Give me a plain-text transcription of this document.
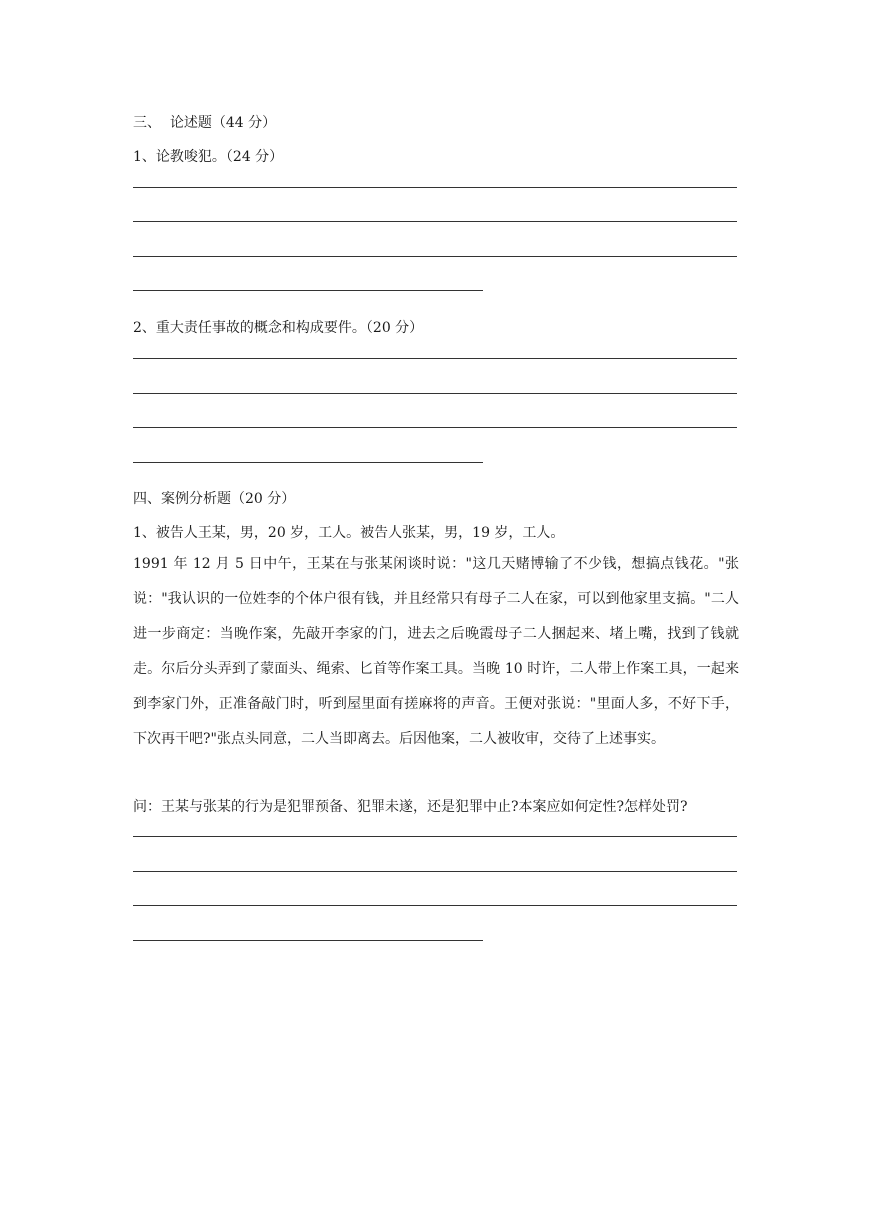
三、  论述题（44 分）

1、论教唆犯。（24 分）

2、重大责任事故的概念和构成要件。（20 分）

四、案例分析题（20 分）

1、被告人王某，男，20 岁，工人。被告人张某，男，19 岁，工人。

1991 年 12 月 5 日中午，王某在与张某闲谈时说："这几天赌博输了不少钱，想搞点钱花。"张说："我认识的一位姓李的个体户很有钱，并且经常只有母子二人在家，可以到他家里支搞。"二人进一步商定：当晚作案，先敲开李家的门，进去之后晚霞母子二人捆起来、堵上嘴，找到了钱就走。尔后分头弄到了蒙面头、绳索、匕首等作案工具。当晚 10 时许，二人带上作案工具，一起来到李家门外，正准备敲门时，听到屋里面有搓麻将的声音。王便对张说："里面人多，不好下手，下次再干吧?"张点头同意，二人当即离去。后因他案，二人被收审，交待了上述事实。

问：王某与张某的行为是犯罪预备、犯罪未遂，还是犯罪中止?本案应如何定性?怎样处罚?
